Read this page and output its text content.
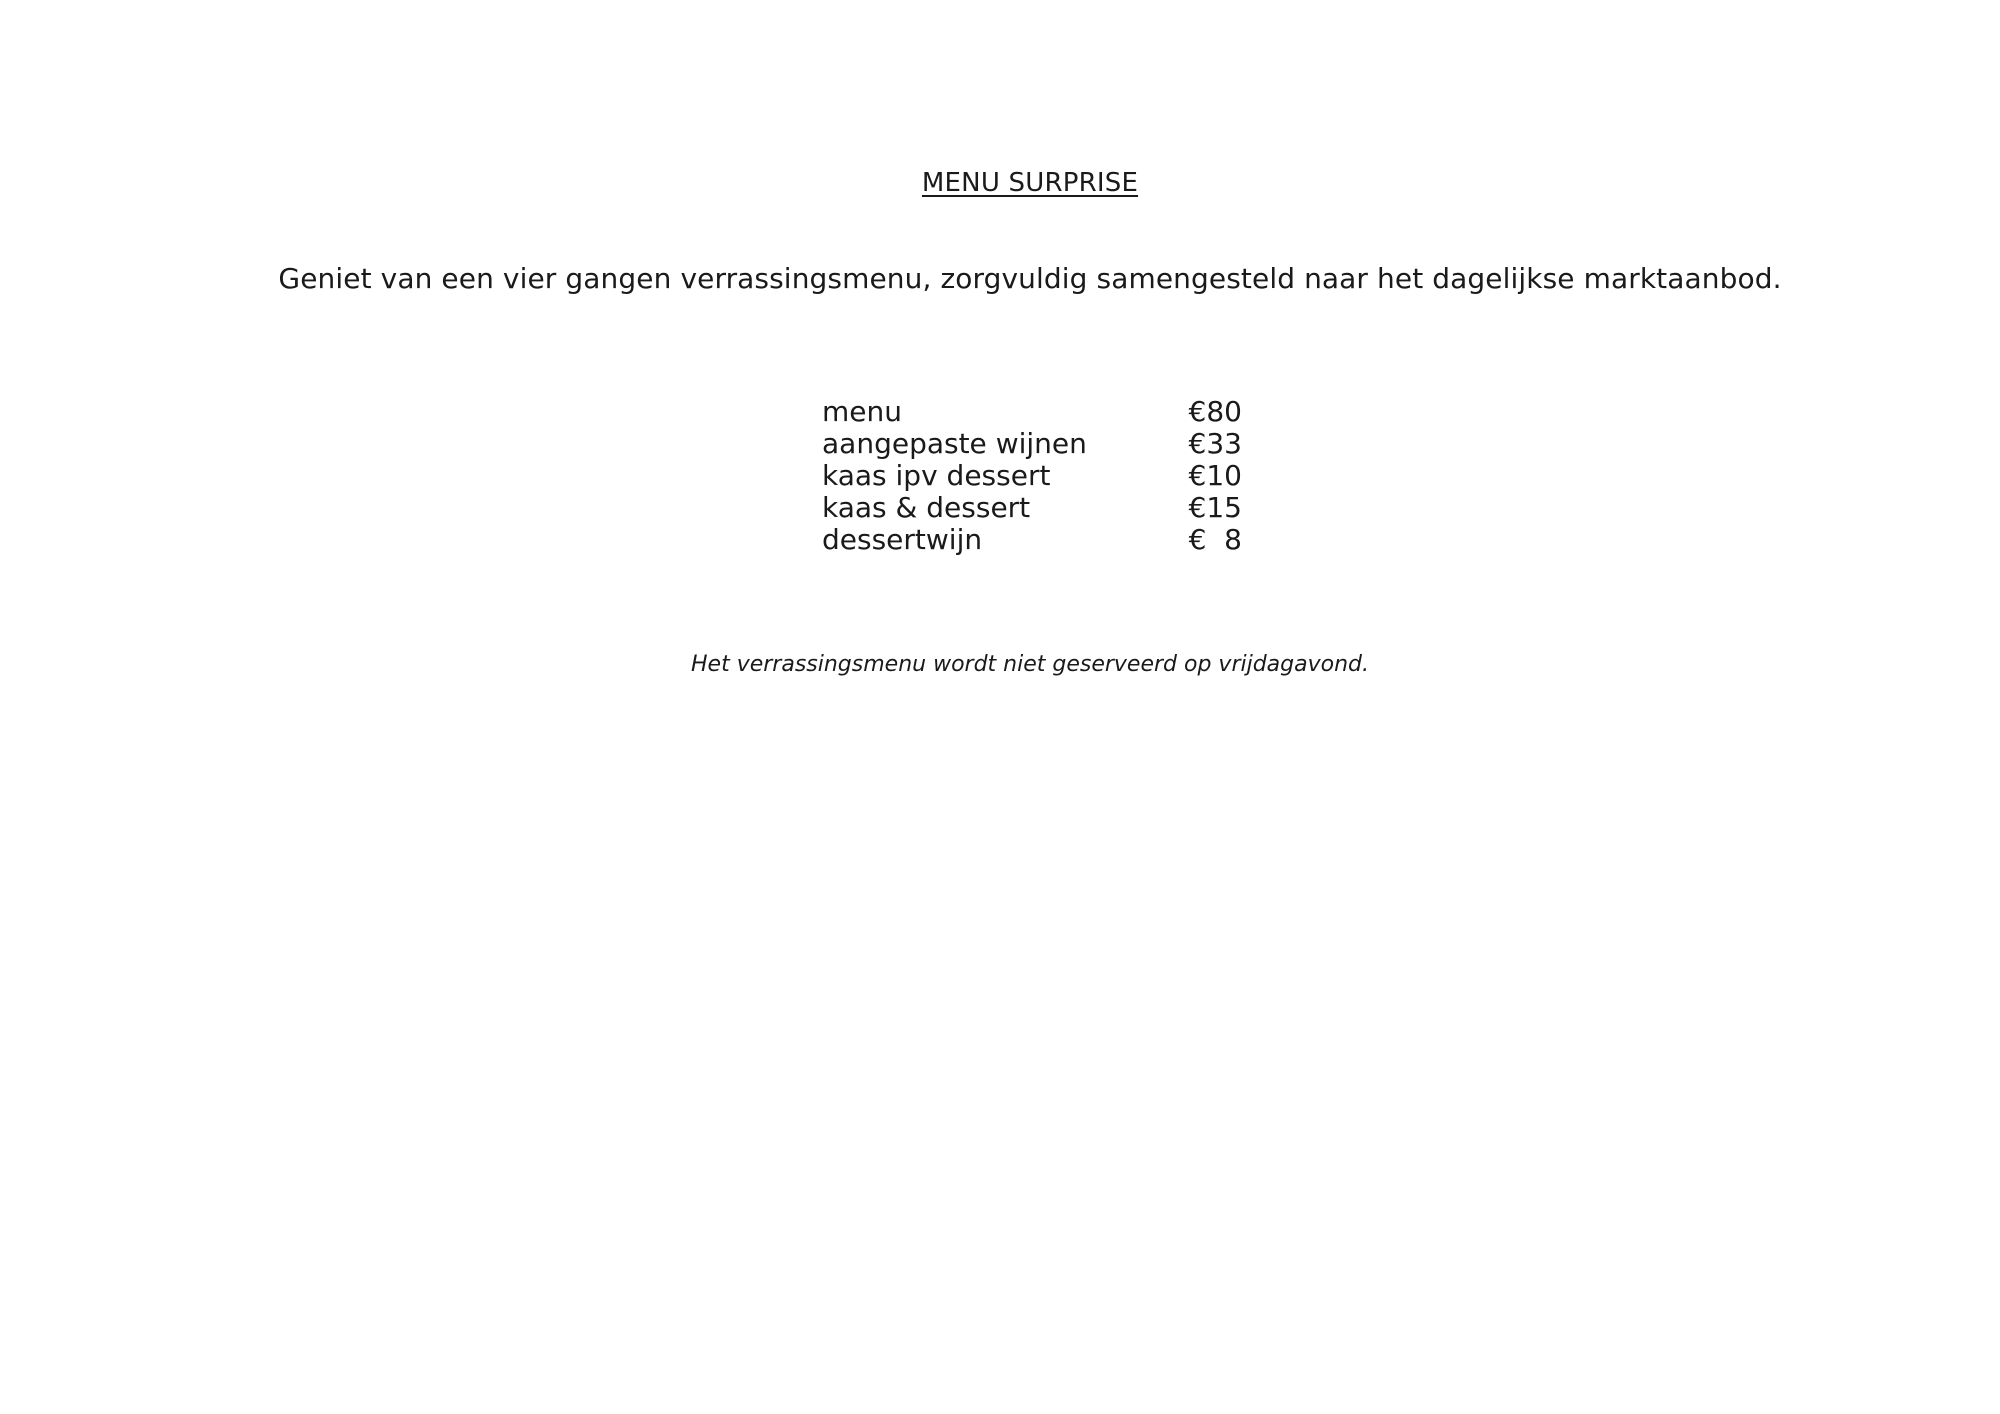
MENU SURPRISE
Geniet van een vier gangen verrassingsmenu, zorgvuldig samengesteld naar het dagelijkse marktaanbod.
menu	€80
aangepaste wijnen	€33
kaas ipv dessert	€10
kaas & dessert	€15
dessertwijn	€  8
Het verrassingsmenu wordt niet geserveerd op vrijdagavond.
